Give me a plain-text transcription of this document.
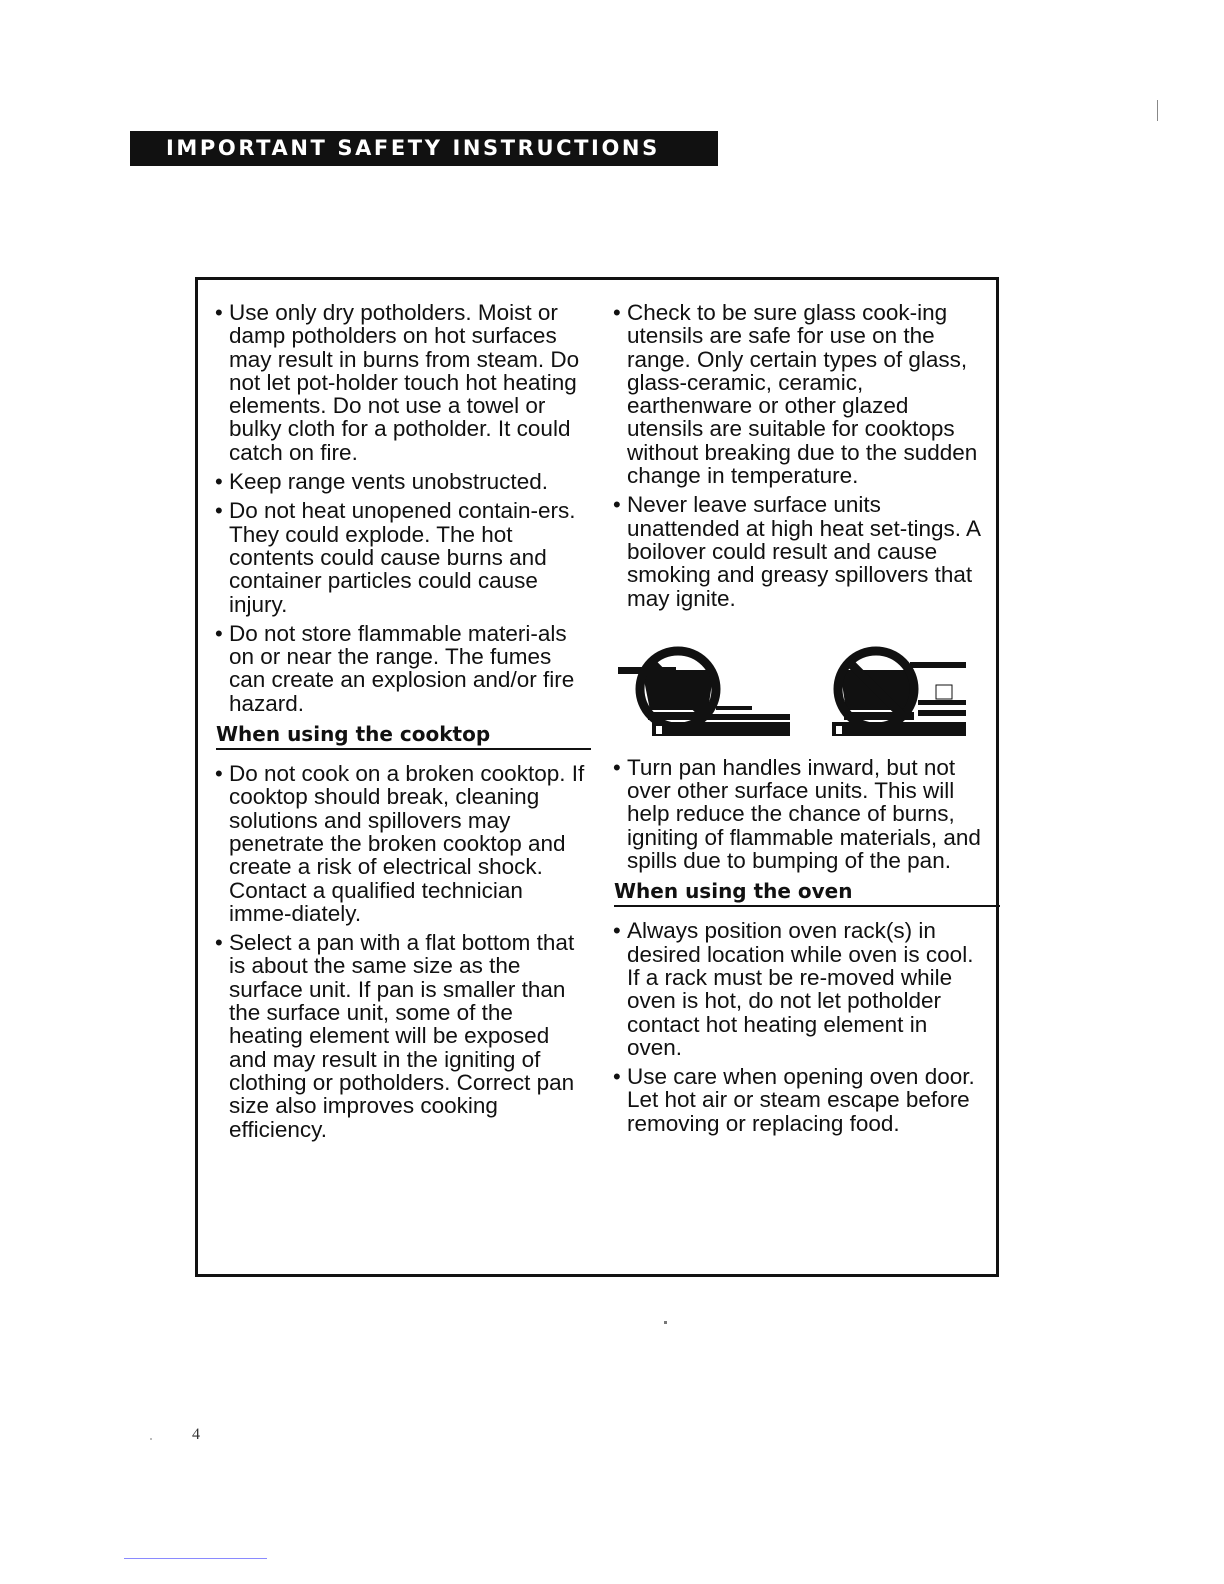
IMPORTANT SAFETY INSTRUCTIONS
• Use only dry potholders. Moist or damp potholders on hot surfaces may result in burns from steam. Do not let pot-holder touch hot heating elements. Do not use a towel or bulky cloth for a potholder. It could catch on fire.
• Keep range vents unobstructed.
• Do not heat unopened contain-ers. They could explode. The hot contents could cause burns and container particles could cause injury.
• Do not store flammable materi-als on or near the range. The fumes can create an explosion and/or fire hazard.
When using the cooktop
• Do not cook on a broken cooktop. If cooktop should break, cleaning solutions and spillovers may penetrate the broken cooktop and create a risk of electrical shock. Contact a qualified technician imme-diately.
• Select a pan with a flat bottom that is about the same size as the surface unit. If pan is smaller than the surface unit, some of the heating element will be exposed and may result in the igniting of clothing or potholders. Correct pan size also improves cooking efficiency.
• Check to be sure glass cook-ing utensils are safe for use on the range. Only certain types of glass, glass-ceramic, ceramic, earthenware or other glazed utensils are suitable for cooktops without breaking due to the sudden change in temperature.
• Never leave surface units unattended at high heat set-tings. A boilover could result and cause smoking and greasy spillovers that may ignite.
• Turn pan handles inward, but not over other surface units. This will help reduce the chance of burns, igniting of flammable materials, and spills due to bumping of the pan.
When using the oven
• Always position oven rack(s) in desired location while oven is cool. If a rack must be re-moved while oven is hot, do not let potholder contact hot heating element in oven.
• Use care when opening oven door. Let hot air or steam escape before removing or replacing food.
4
